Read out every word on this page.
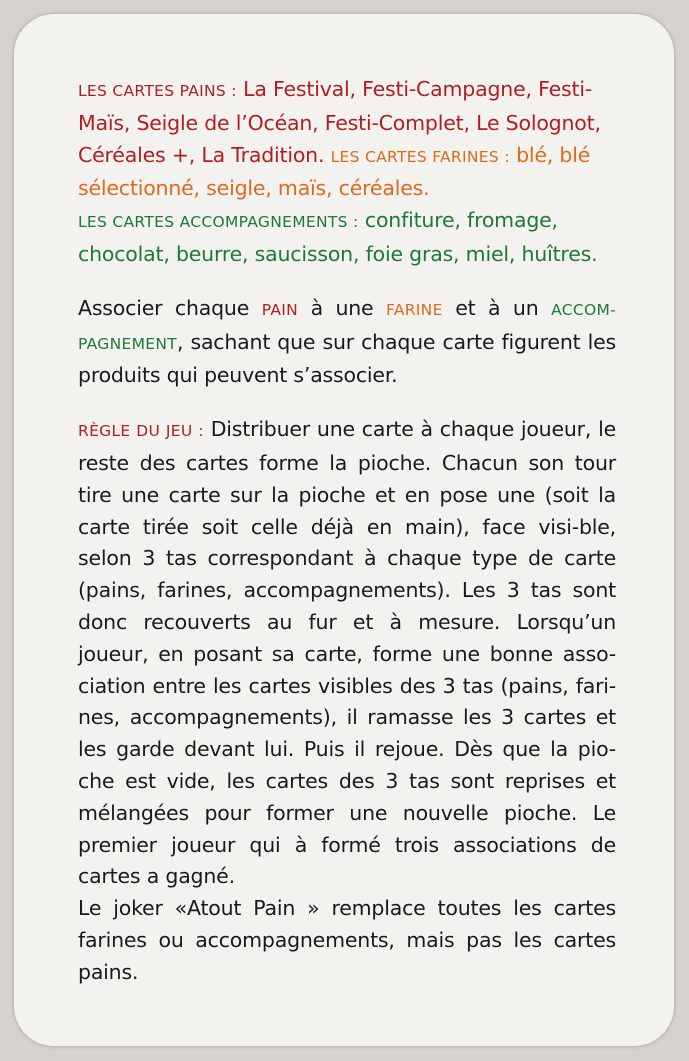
LES CARTES PAINS : La Festival, Festi-Campagne, Festi-Maïs, Seigle de l’Océan, Festi-Complet, Le Solognot, Céréales +, La Tradition. LES CARTES FARINES : blé, blé sélectionné, seigle, maïs, céréales.

LES CARTES ACCOMPAGNEMENTS : confiture, fromage, chocolat, beurre, saucisson, foie gras, miel, huîtres.

Associer chaque PAIN à une FARINE et à un ACCOM-PAGNEMENT, sachant que sur chaque carte figurent les produits qui peuvent s’associer.

RÈGLE DU JEU : Distribuer une carte à chaque joueur, le reste des cartes forme la pioche. Chacun son tour tire une carte sur la pioche et en pose une (soit la carte tirée soit celle déjà en main), face visi-ble, selon 3 tas correspondant à chaque type de carte (pains, farines, accompagnements). Les 3 tas sont donc recouverts au fur et à mesure. Lorsqu’un joueur, en posant sa carte, forme une bonne asso-ciation entre les cartes visibles des 3 tas (pains, fari-nes, accompagnements), il ramasse les 3 cartes et les garde devant lui. Puis il rejoue. Dès que la pio-che est vide, les cartes des 3 tas sont reprises et mélangées pour former une nouvelle pioche. Le premier joueur qui à formé trois associations de cartes a gagné.

Le joker «Atout Pain » remplace toutes les cartes farines ou accompagnements, mais pas les cartes pains.
